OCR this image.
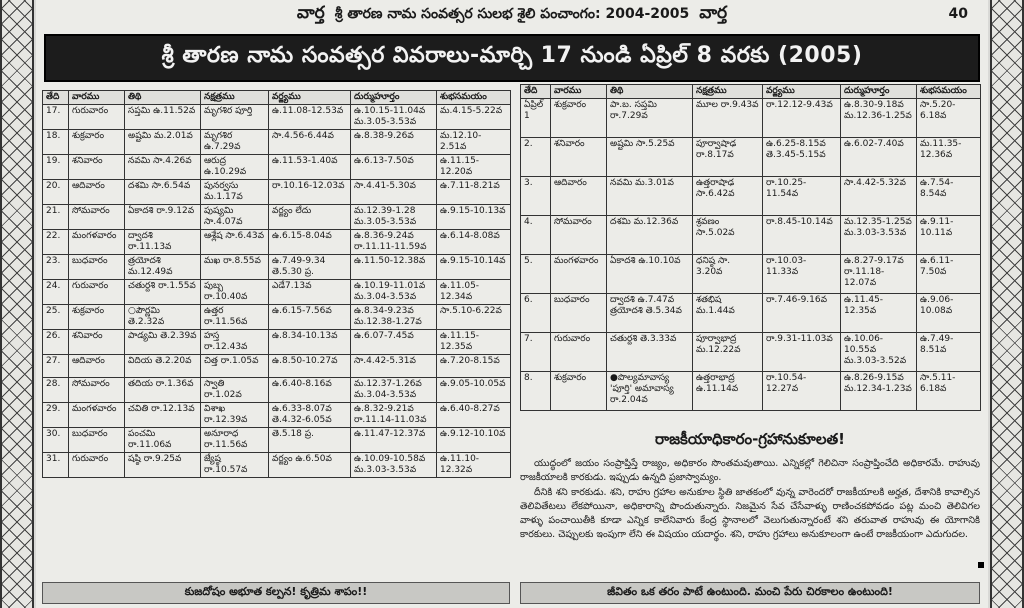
వార్త శ్రీ తారణ నామ సంవత్సర సులభ శైలి పంచాంగం: 2004-2005 వార్త	40
శ్రీ తారణ నామ సంవత్సర వివరాలు-మార్చి 17 నుండి ఏప్రిల్ 8 వరకు (2005)
తేది	వారము	తిథి	నక్షత్రము	వర్జ్యము	దుర్ముహూర్తం	శుభసమయం
17.	గురువారం	సప్తమి ఉ.11.52వ	మృగశిర పూర్తి	ఉ.11.08-12.53వ	ఉ.10.15-11.04వ మ.3.05-3.53వ	మ.4.15-5.22వ
18.	శుక్రవారం	అష్టమి మ.2.01వ	మృగశిర ఉ.7.29వ	సా.4.56-6.44వ	ఉ.8.38-9.26వ	మ.12.10-2.51వ
19.	శనివారం	నవమి సా.4.26వ	ఆరుద్ర ఉ.10.29వ	ఉ.11.53-1.40వ	ఉ.6.13-7.50వ	ఉ.11.15-12.20వ
20.	ఆదివారం	దశమి సా.6.54వ	పునర్వసు మ.1.17వ	రా.10.16-12.03వ	సా.4.41-5.30వ	ఉ.7.11-8.21వ
21.	సోమవారం	ఏకాదశి రా.9.12వ	పుష్యమి సా.4.07వ	వర్జ్యం లేదు	మ.12.39-1.28 మ.3.05-3.53వ	ఉ.9.15-10.13వ
22.	మంగళవారం	ద్వాదశి రా.11.13వ	ఆశ్లేష సా.6.43వ	ఉ.6.15-8.04వ	ఉ.8.36-9.24వ రా.11.11-11.59వ	ఉ.6.14-8.08వ
23.	బుధవారం	త్రయోదశి మ.12.49వ	మఖ రా.8.55వ	ఉ.7.49-9.34 తె.5.30 ప్ర.	ఉ.11.50-12.38వ	ఉ.9.15-10.14వ
24.	గురువారం	చతుర్దశి రా.1.55వ	పుబ్బ రా.10.40వ	ఎడే7.13వ	ఉ.10.19-11.01వ మ.3.04-3.53వ	ఉ.11.05-12.34వ
25.	శుక్రవారం	○పౌర్ణమి తె.2.32వ	ఉత్తర రా.11.56వ	ఉ.6.15-7.56వ	ఉ.8.34-9.23వ మ.12.38-1.27వ	సా.5.10-6.22వ
26.	శనివారం	పాడ్యమి తె.2.39వ	హస్త రా.12.43వ	ఉ.8.34-10.13వ	ఉ.6.07-7.45వ	ఉ.11.15-12.35వ
27.	ఆదివారం	విదియ తె.2.20వ	చిత్త రా.1.05వ	ఉ.8.50-10.27వ	సా.4.42-5.31వ	ఉ.7.20-8.15వ
28.	సోమవారం	తదియ రా.1.36వ	స్వాతి రా.1.02వ	ఉ.6.40-8.16వ	మ.12.37-1.26వ మ.3.04-3.53వ	ఉ.9.05-10.05వ
29.	మంగళవారం	చవితి రా.12.13వ	విశాఖ రా.12.39వ	ఉ.6.33-8.07వ తె.4.32-6.05వ	ఉ.8.32-9.21వ రా.11.14-11.03వ	ఉ.6.40-8.27వ
30.	బుధవారం	పంచమి రా.11.06వ	అనూరాధ రా.11.56వ	తె.5.18 ప్ర.	ఉ.11.47-12.37వ	ఉ.9.12-10.10వ
31.	గురువారం	షష్ఠి రా.9.25వ	జ్యేష్ఠ రా.10.57వ	వర్జ్యం ఉ.6.50వ	ఉ.10.09-10.58వ మ.3.03-3.53వ	ఉ.11.10-12.32వ
తేది	వారము	తిథి	నక్షత్రము	వర్జ్యము	దుర్ముహూర్తం	శుభసమయం
ఏప్రిల్ 1	శుక్రవారం	పా.బ. సప్తమి రా.7.29వ	మూల రా.9.43వ	రా.12.12-9.43వ	ఉ.8.30-9.18వ మ.12.36-1.25వ	సా.5.20-6.18వ
2.	శనివారం	అష్టమి సా.5.25వ	పూర్వాషాఢ రా.8.17వ	ఉ.6.25-8.15వ తె.3.45-5.15వ	ఉ.6.02-7.40వ	మ.11.35-12.36వ
3.	ఆదివారం	నవమి మ.3.01వ	ఉత్తరాషాఢ సా.6.42వ	రా.10.25-11.54వ	సా.4.42-5.32వ	ఉ.7.54-8.54వ
4.	సోమవారం	దశమి మ.12.36వ	శ్రవణం సా.5.02వ	రా.8.45-10.14వ	మ.12.35-1.25వ మ.3.03-3.53వ	ఉ.9.11-10.11వ
5.	మంగళవారం	ఏకాదశి ఉ.10.10వ	ధనిష్ఠ సా. 3.20వ	రా.10.03-11.33వ	ఉ.8.27-9.17వ రా.11.18-12.07వ	ఉ.6.11-7.50వ
6.	బుధవారం	ద్వాదశి ఉ.7.47వ త్రయోదశి తె.5.34వ	శతభిష మ.1.44వ	రా.7.46-9.16వ	ఉ.11.45-12.35వ	ఉ.9.06-10.08వ
7.	గురువారం	చతుర్దశి తె.3.33వ	పూర్వాభాద్ర మ.12.22వ	రా.9.31-11.03వ	ఉ.10.06-10.55వ మ.3.03-3.52వ	ఉ.7.49-8.51వ
8.	శుక్రవారం	●పొల్యమావాస్య 'పూర్తి' అమావాస్య రా.2.04వ	ఉత్తరాభాద్ర ఉ.11.14వ	రా.10.54-12.27వ	ఉ.8.26-9.15వ మ.12.34-1.23వ	సా.5.11-6.18వ
రాజకీయాధికారం-గ్రహానుకూలత!

యుద్ధంలో జయం సంప్రాప్తిస్తే రాజ్యం, అధికారం సొంతమవుతాయి. ఎన్నికల్లో గెలిచినా సంప్రాప్తించేది అధికారమే. రాహువు రాజకీయాలకి కారకుడు. ఇప్పుడు ఉన్నది ప్రజాస్వామ్యం.

దీనికి శని కారకుడు. శని, రాహు గ్రహాల అనుకూల స్థితి జాతకంలో వున్న వారెందరో రాజకీయాలకి అర్హత, దేశానికి కావాల్సిన తెలివితేటలు లేకపోయినా, అధికారాన్ని పొందుతున్నారు. నిజమైన సేవ చేసేవాళ్ళు రాణించకపోవడం పట్ల మంచి తెలివిగల వాళ్ళు పంచాయితీకి కూడా ఎన్నిక కాలేనివారు కేంద్ర స్థానాలలో వెలుగుతున్నారంటే శని తరువాత రాహువు ఈ యోగానికి కారకులు. చెప్పులకు ఇంపుగా లేని ఈ విషయం యదార్థం. శని, రాహు గ్రహాలు అనుకూలంగా ఉంటే రాజకీయంగా ఎదుగుదల.

కుజదోషం అభూత కల్పన! కృత్రిమ శాపం!!	జీవితం ఒక తరం పాటే ఉంటుంది. మంచి పేరు చిరకాలం ఉంటుంది!
